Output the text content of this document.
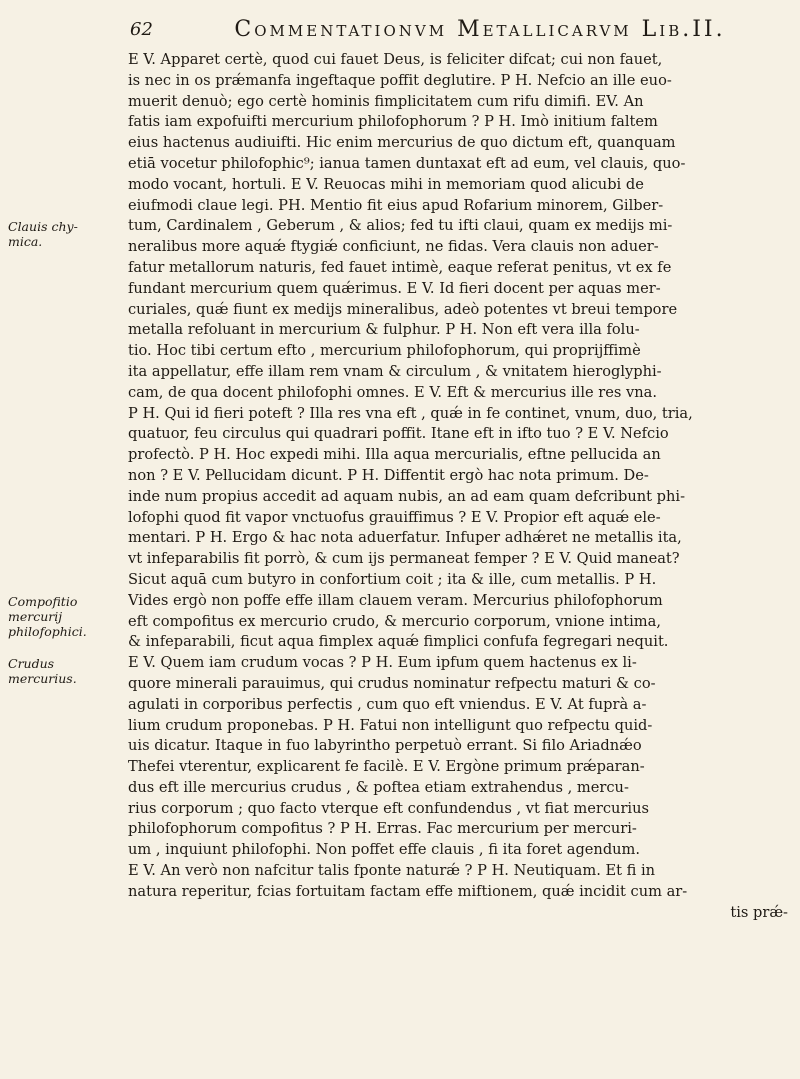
62	Commentationvm Metallicarvm Lib.II.
E V. Apparet certè, quod cui fauet Deus, is feliciter difcat; cui non fauet,
is nec in os prǽmanfa ingeftaque poffit deglutire. P H. Nefcio an ille euo-
muerit denuò; ego certè hominis fimplicitatem cum rifu dimifi. EV. An
fatis iam expofuifti mercurium philofophorum ? P H. Imò initium faltem
eius hactenus audiuifti. Hic enim mercurius de quo dictum eft, quanquam
etiā vocetur philofophic⁹; ianua tamen duntaxat eft ad eum, vel clauis, quo-
modo vocant, hortuli. E V. Reuocas mihi in memoriam quod alicubi de
eiufmodi claue legi. PH. Mentio fit eius apud Rofarium minorem, Gilber-
tum, Cardinalem , Geberum , & alios; fed tu ifti claui, quam ex medijs mi-
neralibus more aquǽ ftygiǽ conficiunt, ne fidas. Vera clauis non aduer-
fatur metallorum naturis, fed fauet intimè, eaque referat penitus, vt ex fe
fundant mercurium quem quǽrimus. E V. Id fieri docent per aquas mer-
curiales, quǽ fiunt ex medijs mineralibus, adeò potentes vt breui tempore
metalla refoluant in mercurium & fulphur. P H. Non eft vera illa folu-
tio. Hoc tibi certum efto , mercurium philofophorum, qui proprijffimè
ita appellatur, effe illam rem vnam & circulum , & vnitatem hieroglyphi-
cam, de qua docent philofophi omnes. E V. Eft & mercurius ille res vna.
P H. Qui id fieri poteft ? Illa res vna eft , quǽ in fe continet, vnum, duo, tria,
quatuor, feu circulus qui quadrari poffit. Itane eft in ifto tuo ? E V. Nefcio
profectò. P H. Hoc expedi mihi. Illa aqua mercurialis, eftne pellucida an
non ? E V. Pellucidam dicunt. P H. Diffentit ergò hac nota primum. De-
inde num propius accedit ad aquam nubis, an ad eam quam defcribunt phi-
lofophi quod fit vapor vnctuofus grauiffimus ? E V. Propior eft aquǽ ele-
mentari. P H. Ergo & hac nota aduerfatur. Infuper adhǽret ne metallis ita,
vt infeparabilis fit porrò, & cum ijs permaneat femper ? E V. Quid maneat?
Sicut aquā cum butyro in confortium coit ; ita & ille, cum metallis. P H.
Vides ergò non poffe effe illam clauem veram. Mercurius philofophorum
eft compofitus ex mercurio crudo, & mercurio corporum, vnione intima,
& infeparabili, ficut aqua fimplex aquǽ fimplici confufa fegregari nequit.
E V. Quem iam crudum vocas ? P H. Eum ipfum quem hactenus ex li-
quore minerali parauimus, qui crudus nominatur refpectu maturi & co-
agulati in corporibus perfectis , cum quo eft vniendus. E V. At fuprà a-
lium crudum proponebas. P H. Fatui non intelligunt quo refpectu quid-
uis dicatur. Itaque in fuo labyrintho perpetuò errant. Si filo Ariadnǽo
Thefei vterentur, explicarent fe facilè. E V. Ergòne primum prǽparan-
dus eft ille mercurius crudus , & poftea etiam extrahendus , mercu-
rius corporum ; quo facto vterque eft confundendus , vt fiat mercurius
philofophorum compofitus ? P H. Erras. Fac mercurium per mercuri-
um , inquiunt philofophi. Non poffet effe clauis , fi ita foret agendum.
E V. An verò non nafcitur talis fponte naturǽ ? P H. Neutiquam. Et fi in
natura reperitur, fcias fortuitam factam effe miftionem, quǽ incidit cum ar-
tis prǽ-
Clauis chy-
mica.
Compofitio
mercurij
philofophici.
Crudus
mercurius.
